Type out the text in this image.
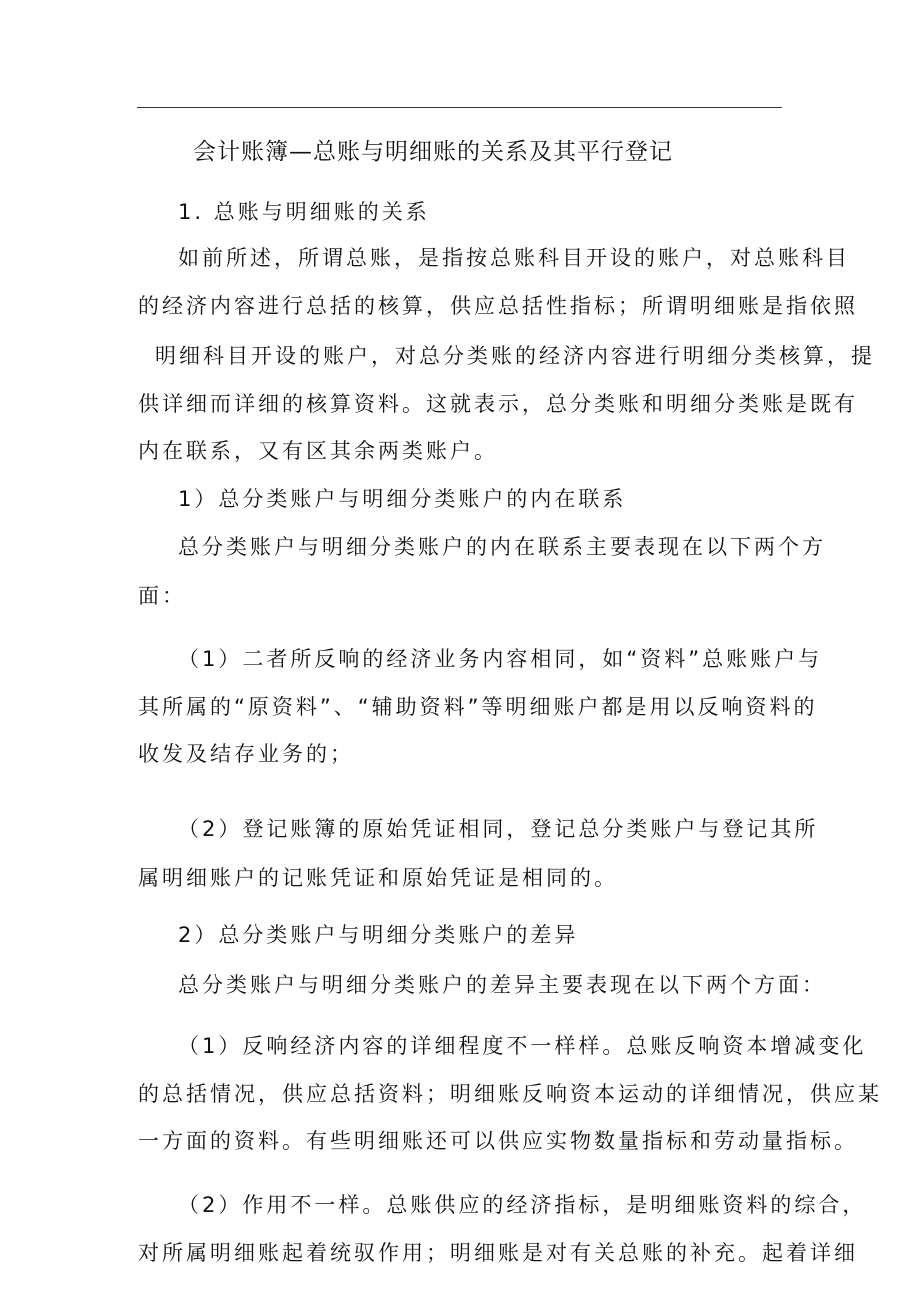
会计账簿—总账与明细账的关系及其平行登记
1. 总账与明细账的关系
如前所述，所谓总账，是指按总账科目开设的账户，对总账科目
的经济内容进行总括的核算，供应总括性指标；所谓明细账是指依照
明细科目开设的账户，对总分类账的经济内容进行明细分类核算，提
供详细而详细的核算资料。这就表示，总分类账和明细分类账是既有
内在联系，又有区其余两类账户。
1）总分类账户与明细分类账户的内在联系
总分类账户与明细分类账户的内在联系主要表现在以下两个方
面：
（1）二者所反响的经济业务内容相同，如“资料”总账账户与
其所属的“原资料”、“辅助资料”等明细账户都是用以反响资料的
收发及结存业务的；
（2）登记账簿的原始凭证相同，登记总分类账户与登记其所
属明细账户的记账凭证和原始凭证是相同的。
2）总分类账户与明细分类账户的差异
总分类账户与明细分类账户的差异主要表现在以下两个方面：
（1）反响经济内容的详细程度不一样样。总账反响资本增减变化
的总括情况，供应总括资料；明细账反响资本运动的详细情况，供应某
一方面的资料。有些明细账还可以供应实物数量指标和劳动量指标。
（2）作用不一样。总账供应的经济指标，是明细账资料的综合，
对所属明细账起着统驭作用；明细账是对有关总账的补充。起着详细
